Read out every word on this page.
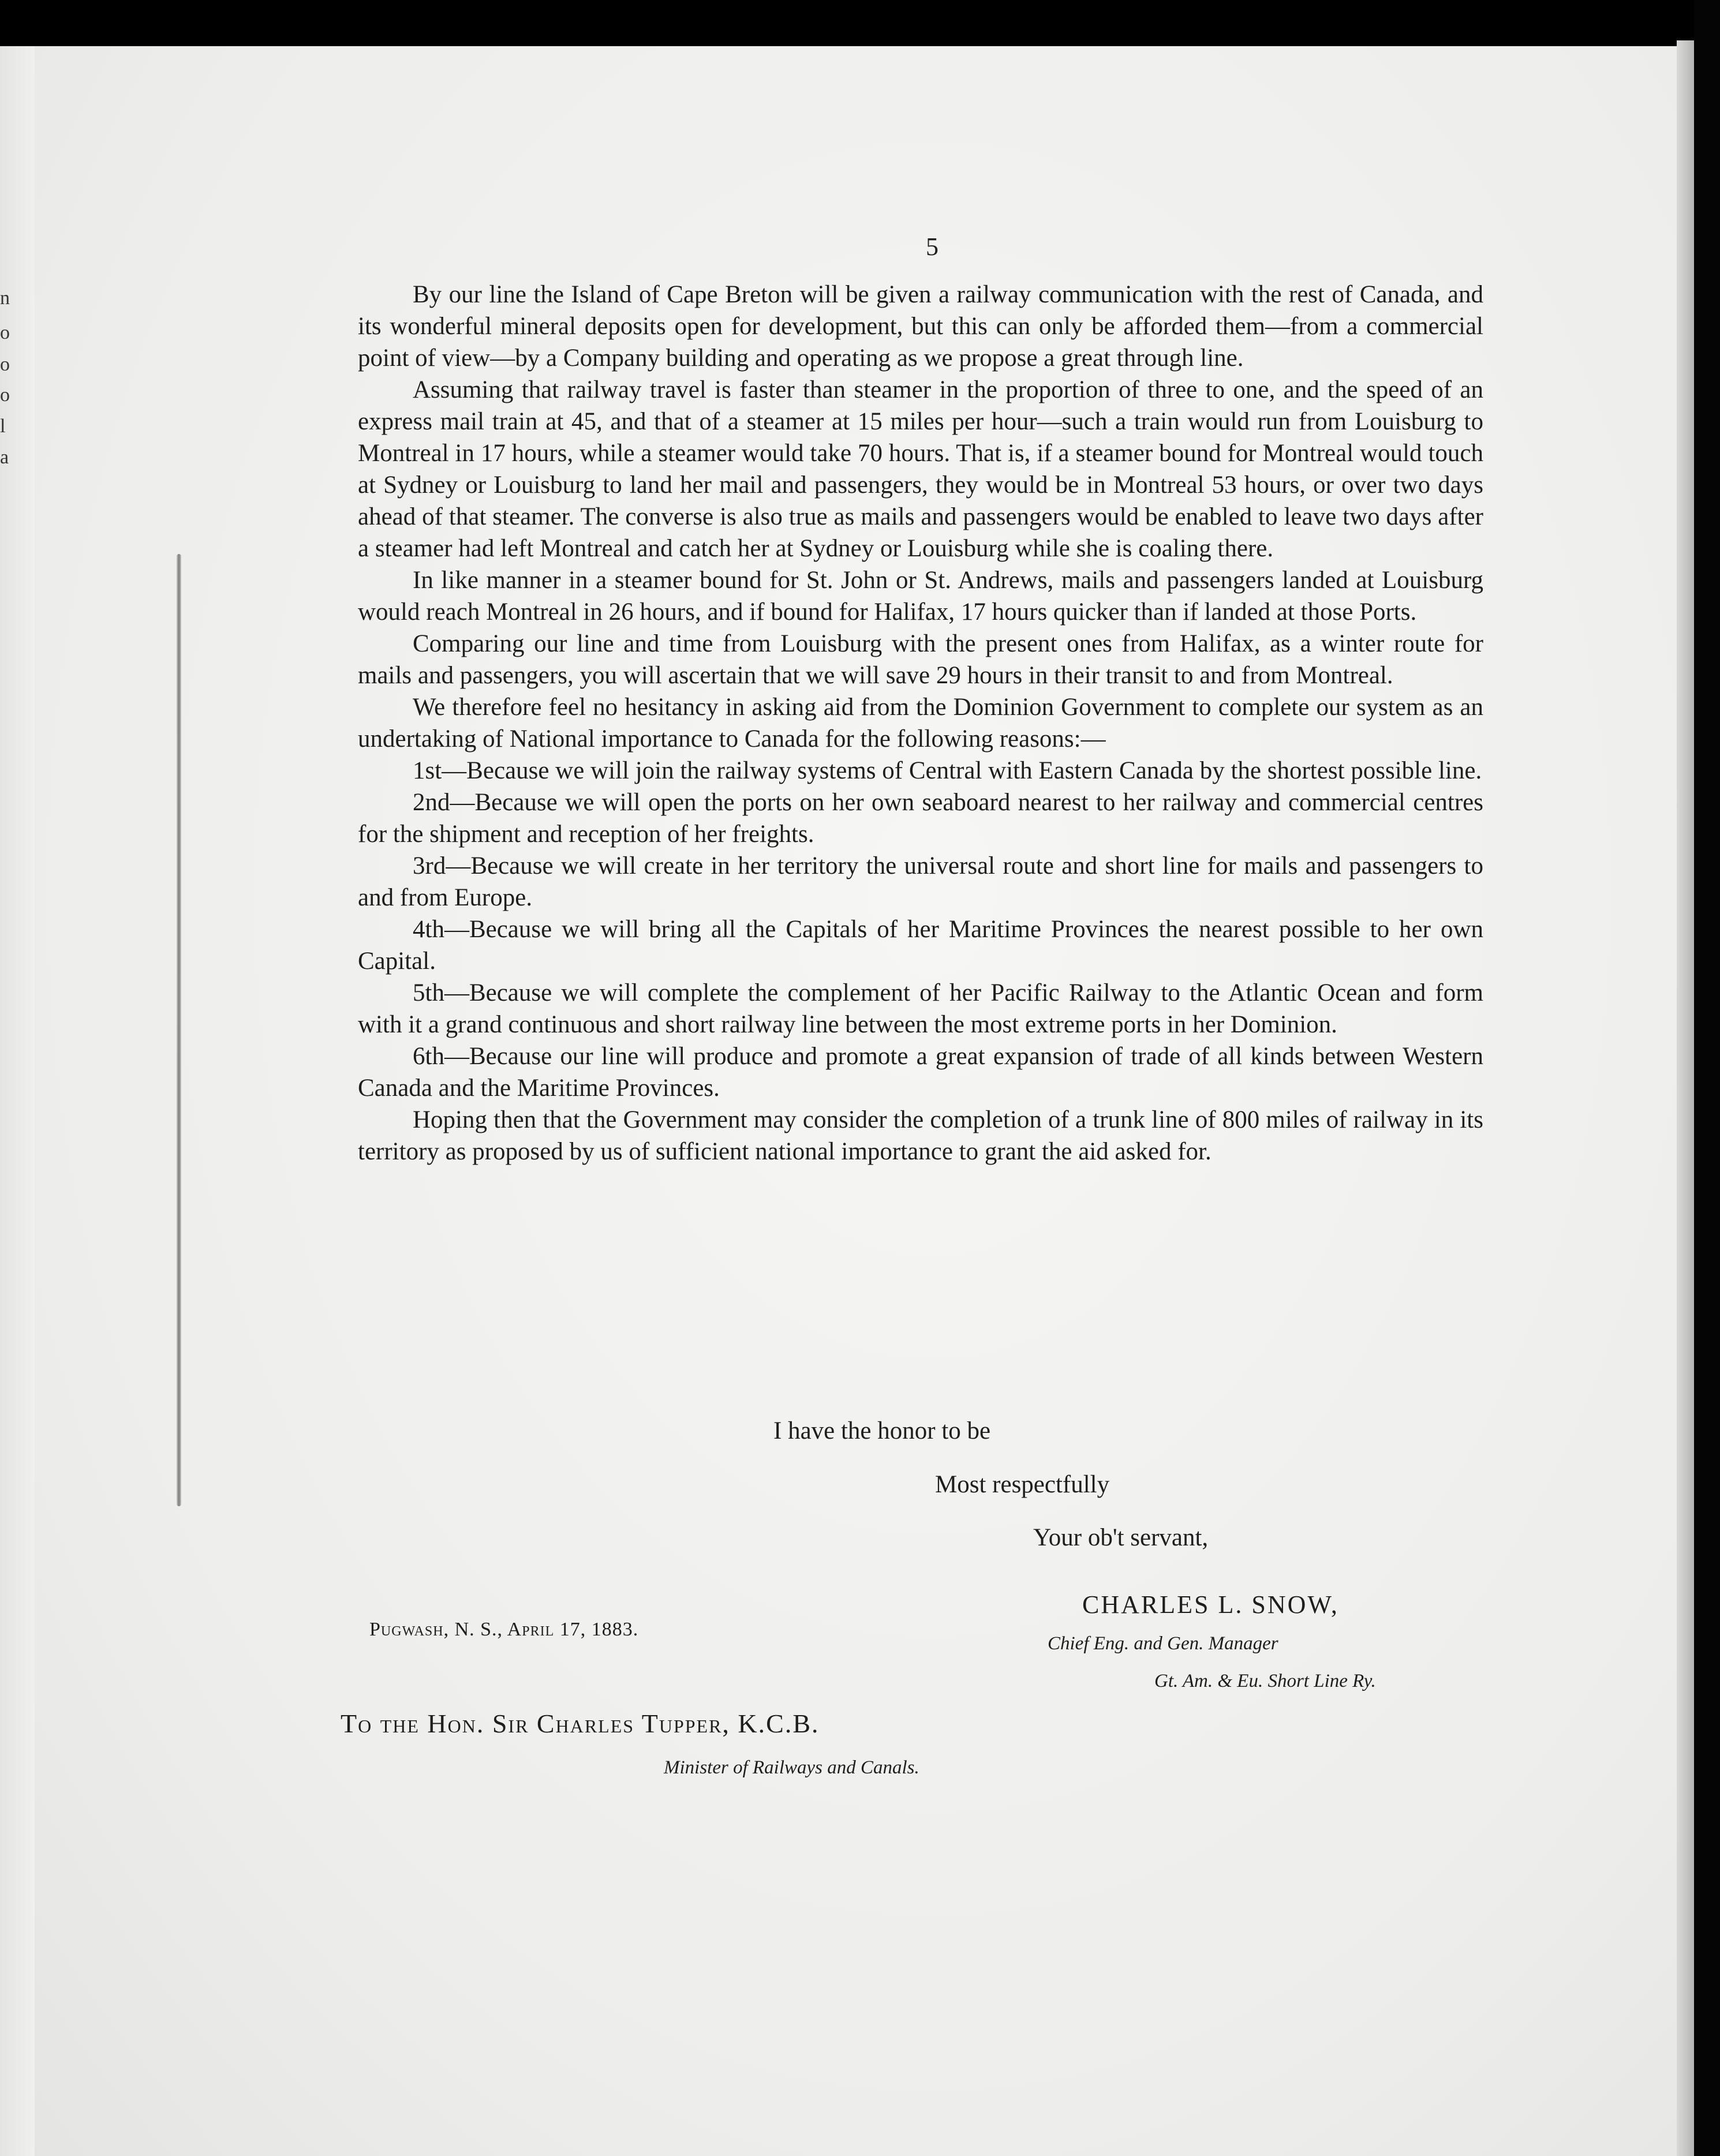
n
o
o
o
l
a
5

By our line the Island of Cape Breton will be given a railway communication with the rest of Canada, and its wonderful mineral deposits open for development, but this can only be afforded them—from a commercial point of view—by a Company building and operating as we propose a great through line.

Assuming that railway travel is faster than steamer in the proportion of three to one, and the speed of an express mail train at 45, and that of a steamer at 15 miles per hour—such a train would run from Louisburg to Montreal in 17 hours, while a steamer would take 70 hours. That is, if a steamer bound for Montreal would touch at Sydney or Louisburg to land her mail and passengers, they would be in Montreal 53 hours, or over two days ahead of that steamer. The converse is also true as mails and passengers would be enabled to leave two days after a steamer had left Montreal and catch her at Sydney or Louisburg while she is coaling there.

In like manner in a steamer bound for St. John or St. Andrews, mails and passengers landed at Louisburg would reach Montreal in 26 hours, and if bound for Halifax, 17 hours quicker than if landed at those Ports.

Comparing our line and time from Louisburg with the present ones from Halifax, as a winter route for mails and passengers, you will ascertain that we will save 29 hours in their transit to and from Montreal.

We therefore feel no hesitancy in asking aid from the Dominion Government to complete our system as an undertaking of National importance to Canada for the following reasons:—

1st—Because we will join the railway systems of Central with Eastern Canada by the shortest possible line.

2nd—Because we will open the ports on her own seaboard nearest to her railway and commercial centres for the shipment and reception of her freights.

3rd—Because we will create in her territory the universal route and short line for mails and passengers to and from Europe.

4th—Because we will bring all the Capitals of her Maritime Provinces the nearest possible to her own Capital.

5th—Because we will complete the complement of her Pacific Railway to the Atlantic Ocean and form with it a grand continuous and short railway line between the most extreme ports in her Dominion.

6th—Because our line will produce and promote a great expansion of trade of all kinds between Western Canada and the Maritime Provinces.

Hoping then that the Government may consider the completion of a trunk line of 800 miles of railway in its territory as proposed by us of sufficient national importance to grant the aid asked for.

I have the honor to be
Most respectfully
Your ob't servant,
CHARLES L. SNOW,
Chief Eng. and Gen. Manager
Gt. Am. & Eu. Short Line Ry.
Pugwash, N. S., April 17, 1883.
To the Hon. Sir Charles Tupper, K.C.B.
Minister of Railways and Canals.
